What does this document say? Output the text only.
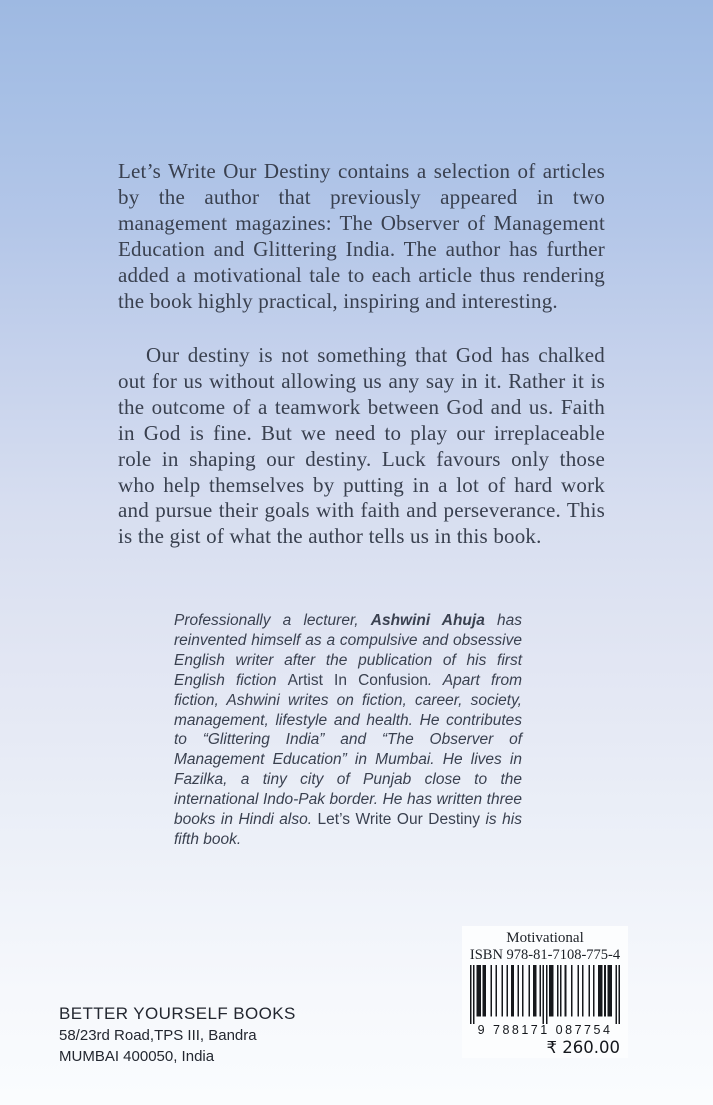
Let’s Write Our Destiny contains a selection of articles by the author that previously appeared in two management magazines: The Observer of Management Education and Glittering India. The author has further added a motivational tale to each article thus rendering the book highly practical, inspiring and interesting.

Our destiny is not something that God has chalked out for us without allowing us any say in it. Rather it is the outcome of a teamwork between God and us. Faith in God is fine. But we need to play our irreplaceable role in shaping our destiny. Luck favours only those who help themselves by putting in a lot of hard work and pursue their goals with faith and perseverance. This is the gist of what the author tells us in this book.

Professionally a lecturer, Ashwini Ahuja has reinvented himself as a compulsive and obsessive English writer after the publication of his first English fiction Artist In Confusion. Apart from fiction, Ashwini writes on fiction, career, society, management, lifestyle and health. He contributes to “Glittering India” and “The Observer of Management Education” in Mumbai. He lives in Fazilka, a tiny city of Punjab close to the international Indo-Pak border. He has written three books in Hindi also. Let’s Write Our Destiny is his fifth book.

BETTER YOURSELF BOOKS
58/23rd Road,TPS III, Bandra
MUMBAI 400050, India
Motivational
ISBN 978-81-7108-775-4
9 788171 087754
₹ 260.00
